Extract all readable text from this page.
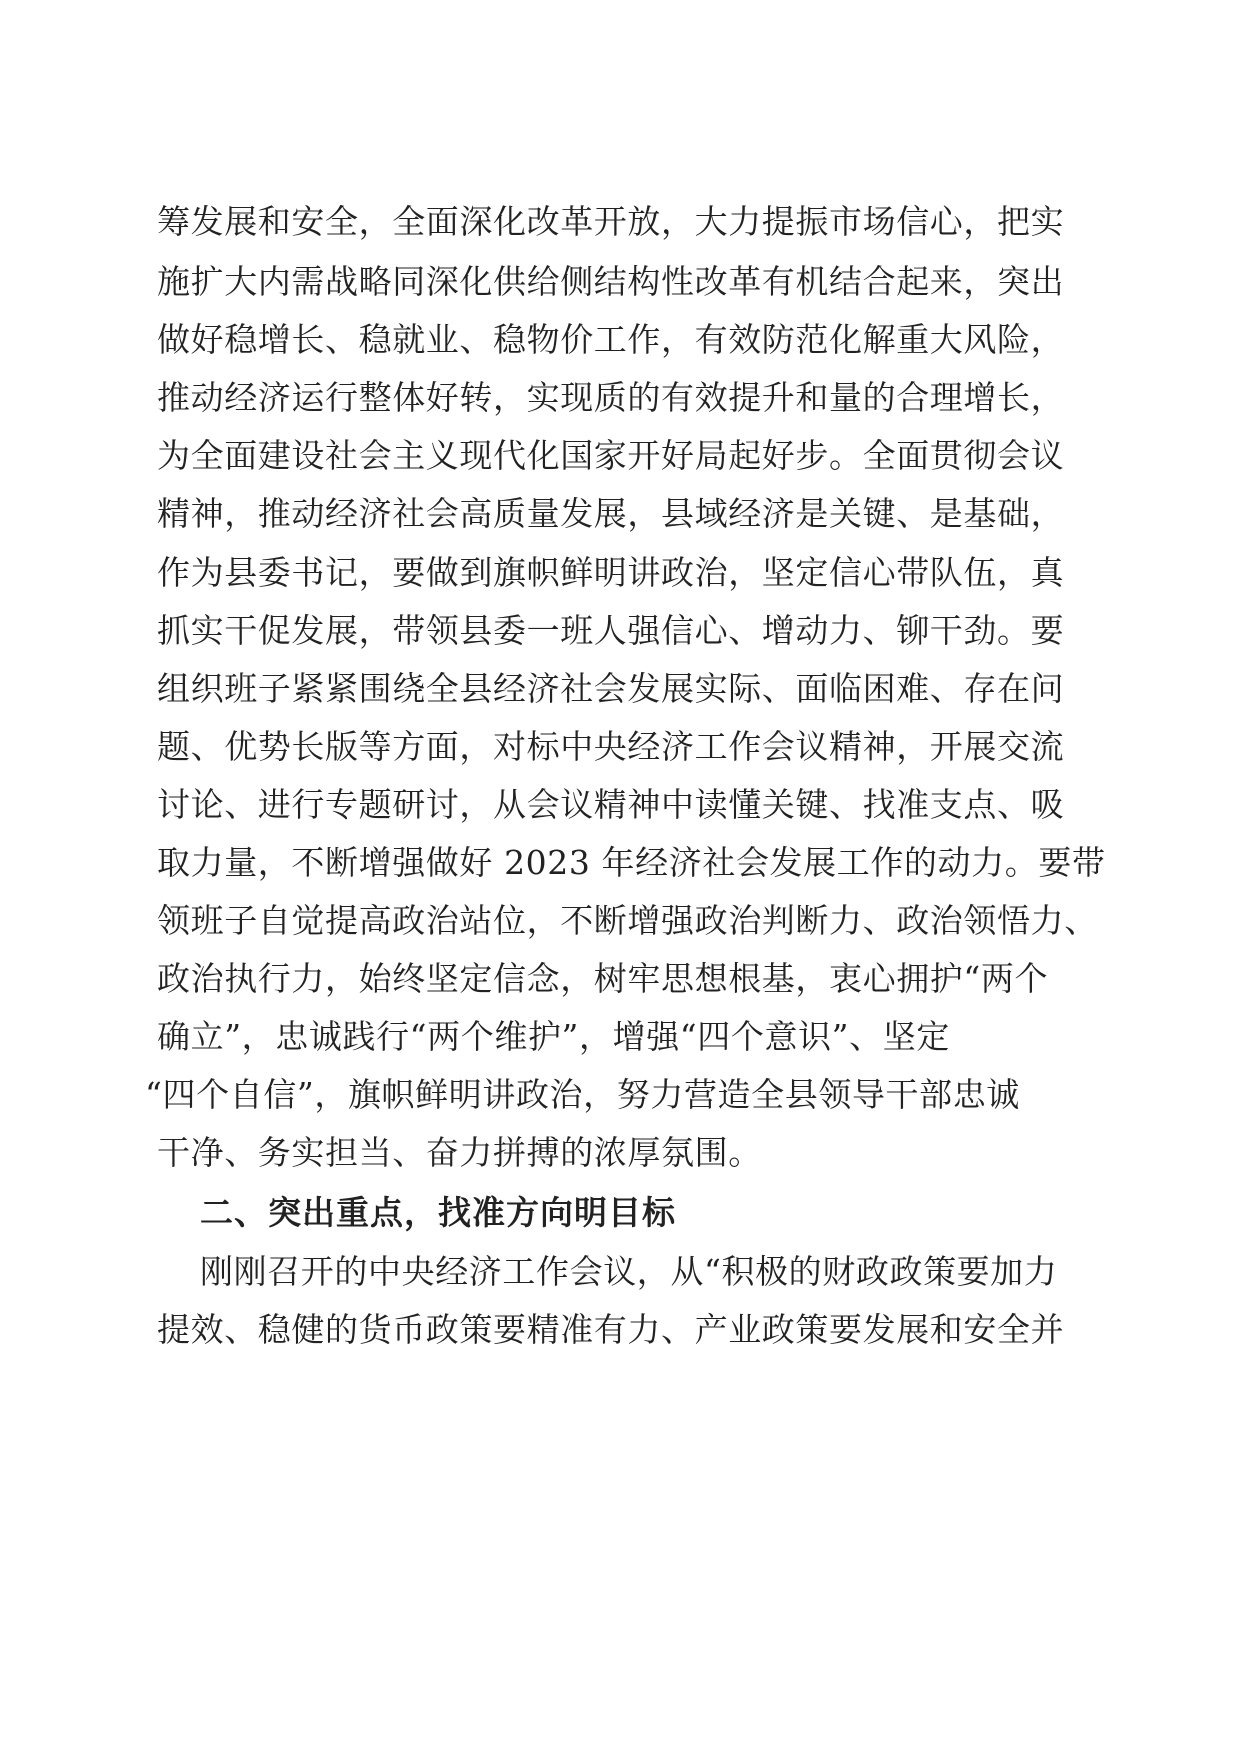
筹发展和安全，全面深化改革开放，大力提振市场信心，把实
施扩大内需战略同深化供给侧结构性改革有机结合起来，突出
做好稳增长、稳就业、稳物价工作，有效防范化解重大风险，
推动经济运行整体好转，实现质的有效提升和量的合理增长，
为全面建设社会主义现代化国家开好局起好步。全面贯彻会议
精神，推动经济社会高质量发展，县域经济是关键、是基础，
作为县委书记，要做到旗帜鲜明讲政治，坚定信心带队伍，真
抓实干促发展，带领县委一班人强信心、增动力、铆干劲。要
组织班子紧紧围绕全县经济社会发展实际、面临困难、存在问
题、优势长版等方面，对标中央经济工作会议精神，开展交流
讨论、进行专题研讨，从会议精神中读懂关键、找准支点、吸
取力量，不断增强做好 2023 年经济社会发展工作的动力。要带
领班子自觉提高政治站位，不断增强政治判断力、政治领悟力、
政治执行力，始终坚定信念，树牢思想根基，衷心拥护“两个
确立”，忠诚践行“两个维护”，增强“四个意识”、坚定
“四个自信”，旗帜鲜明讲政治，努力营造全县领导干部忠诚
干净、务实担当、奋力拼搏的浓厚氛围。
二、突出重点，找准方向明目标
刚刚召开的中央经济工作会议，从“积极的财政政策要加力
提效、稳健的货币政策要精准有力、产业政策要发展和安全并
